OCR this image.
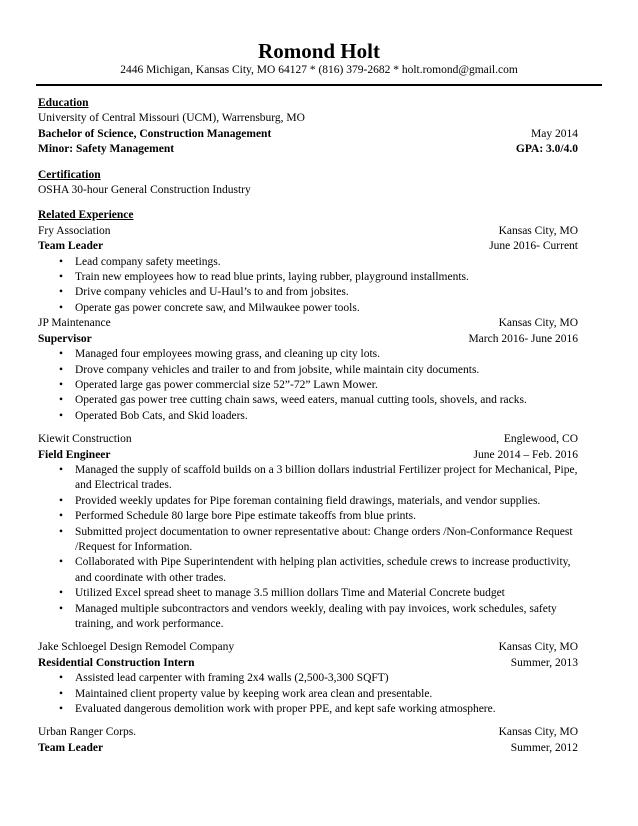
Romond Holt
2446 Michigan, Kansas City, MO 64127 * (816) 379-2682 * holt.romond@gmail.com
Education
University of Central Missouri (UCM), Warrensburg, MO
Bachelor of Science, Construction Management	May 2014
Minor: Safety Management	GPA: 3.0/4.0
Certification
OSHA 30-hour General Construction Industry
Related Experience
Fry Association	Kansas City, MO
Team Leader	June 2016- Current
• Lead company safety meetings.
• Train new employees how to read blue prints, laying rubber, playground installments.
• Drive company vehicles and U-Haul’s to and from jobsites.
• Operate gas power concrete saw, and Milwaukee power tools.
JP Maintenance	Kansas City, MO
Supervisor	March 2016- June 2016
• Managed four employees mowing grass, and cleaning up city lots.
• Drove company vehicles and trailer to and from jobsite, while maintain city documents.
• Operated large gas power commercial size 52”-72” Lawn Mower.
• Operated gas power tree cutting chain saws, weed eaters, manual cutting tools, shovels, and racks.
• Operated Bob Cats, and Skid loaders.
Kiewit Construction	Englewood, CO
Field Engineer	June 2014 – Feb. 2016
• Managed the supply of scaffold builds on a 3 billion dollars industrial Fertilizer project for Mechanical, Pipe, and Electrical trades.
• Provided weekly updates for Pipe foreman containing field drawings, materials, and vendor supplies.
• Performed Schedule 80 large bore Pipe estimate takeoffs from blue prints.
• Submitted project documentation to owner representative about: Change orders /Non-Conformance Request /Request for Information.
• Collaborated with Pipe Superintendent with helping plan activities, schedule crews to increase productivity, and coordinate with other trades.
• Utilized Excel spread sheet to manage 3.5 million dollars Time and Material Concrete budget
• Managed multiple subcontractors and vendors weekly, dealing with pay invoices, work schedules, safety training, and work performance.
Jake Schloegel Design Remodel Company	Kansas City, MO
Residential Construction Intern	Summer, 2013
• Assisted lead carpenter with framing 2x4 walls (2,500-3,300 SQFT)
• Maintained client property value by keeping work area clean and presentable.
• Evaluated dangerous demolition work with proper PPE, and kept safe working atmosphere.
Urban Ranger Corps.	Kansas City, MO
Team Leader	Summer, 2012
